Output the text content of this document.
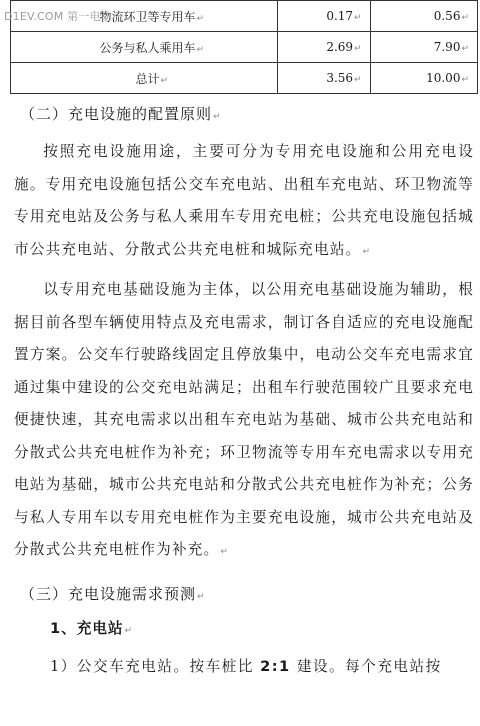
D1EV.COM 第一电动
物流环卫等专用车↵	0.17↵	0.56↵
公务与私人乘用车↵	2.69↵	7.90↵
总计↵	3.56↵	10.00↵

（二）充电设施的配置原则↵

按照充电设施用途，主要可分为专用充电设施和公用充电设施。专用充电设施包括公交车充电站、出租车充电站、环卫物流等专用充电站及公务与私人乘用车专用充电桩；公共充电设施包括城市公共充电站、分散式公共充电桩和城际充电站。↵

以专用充电基础设施为主体，以公用充电基础设施为辅助，根据目前各型车辆使用特点及充电需求，制订各自适应的充电设施配置方案。公交车行驶路线固定且停放集中，电动公交车充电需求宜通过集中建设的公交充电站满足；出租车行驶范围较广且要求充电便捷快速，其充电需求以出租车充电站为基础、城市公共充电站和分散式公共充电桩作为补充；环卫物流等专用车充电需求以专用充电站为基础，城市公共充电站和分散式公共充电桩作为补充；公务与私人专用车以专用充电桩作为主要充电设施，城市公共充电站及分散式公共充电桩作为补充。↵

（三）充电设施需求预测↵

1、充电站↵

1）公交车充电站。按车桩比 2:1 建设。每个充电站按
